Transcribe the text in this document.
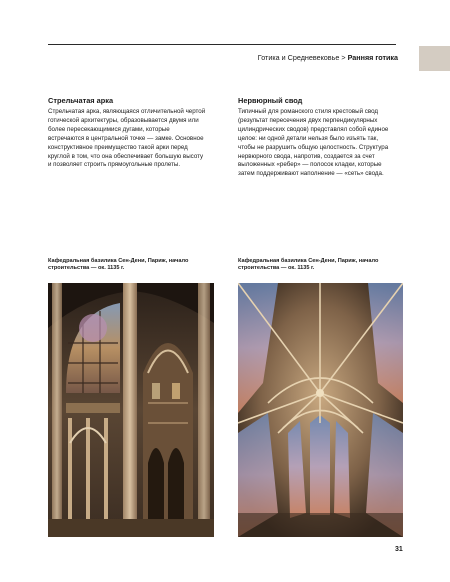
Готика и Средневековье > Ранняя готика
Стрельчатая арка

Стрельчатая арка, являющаяся отличительной чертой готической архитектуры, образовывается двумя или более пересекающимися дугами, которые встречаются в центральной точке — замке. Основное конструктивное преимущество такой арки перед круглой в том, что она обеспечивает большую высоту и позволяет строить прямоугольные пролеты.

Нервюрный свод

Типичный для романского стиля крестовый свод (результат пересечения двух перпендикулярных цилиндрических сводов) представлял собой единое целое: ни одной детали нельзя было изъять так, чтобы не разрушить общую целостность. Структура нервюрного свода, напротив, создается за счет выложенных «ребер» — полосок кладки, которые затем поддерживают наполнение — «сеть» свода.

Кафедральная базилика Сен-Дени, Париж, начало строительства — ок. 1135 г.
Кафедральная базилика Сен-Дени, Париж, начало строительства — ок. 1135 г.
31
